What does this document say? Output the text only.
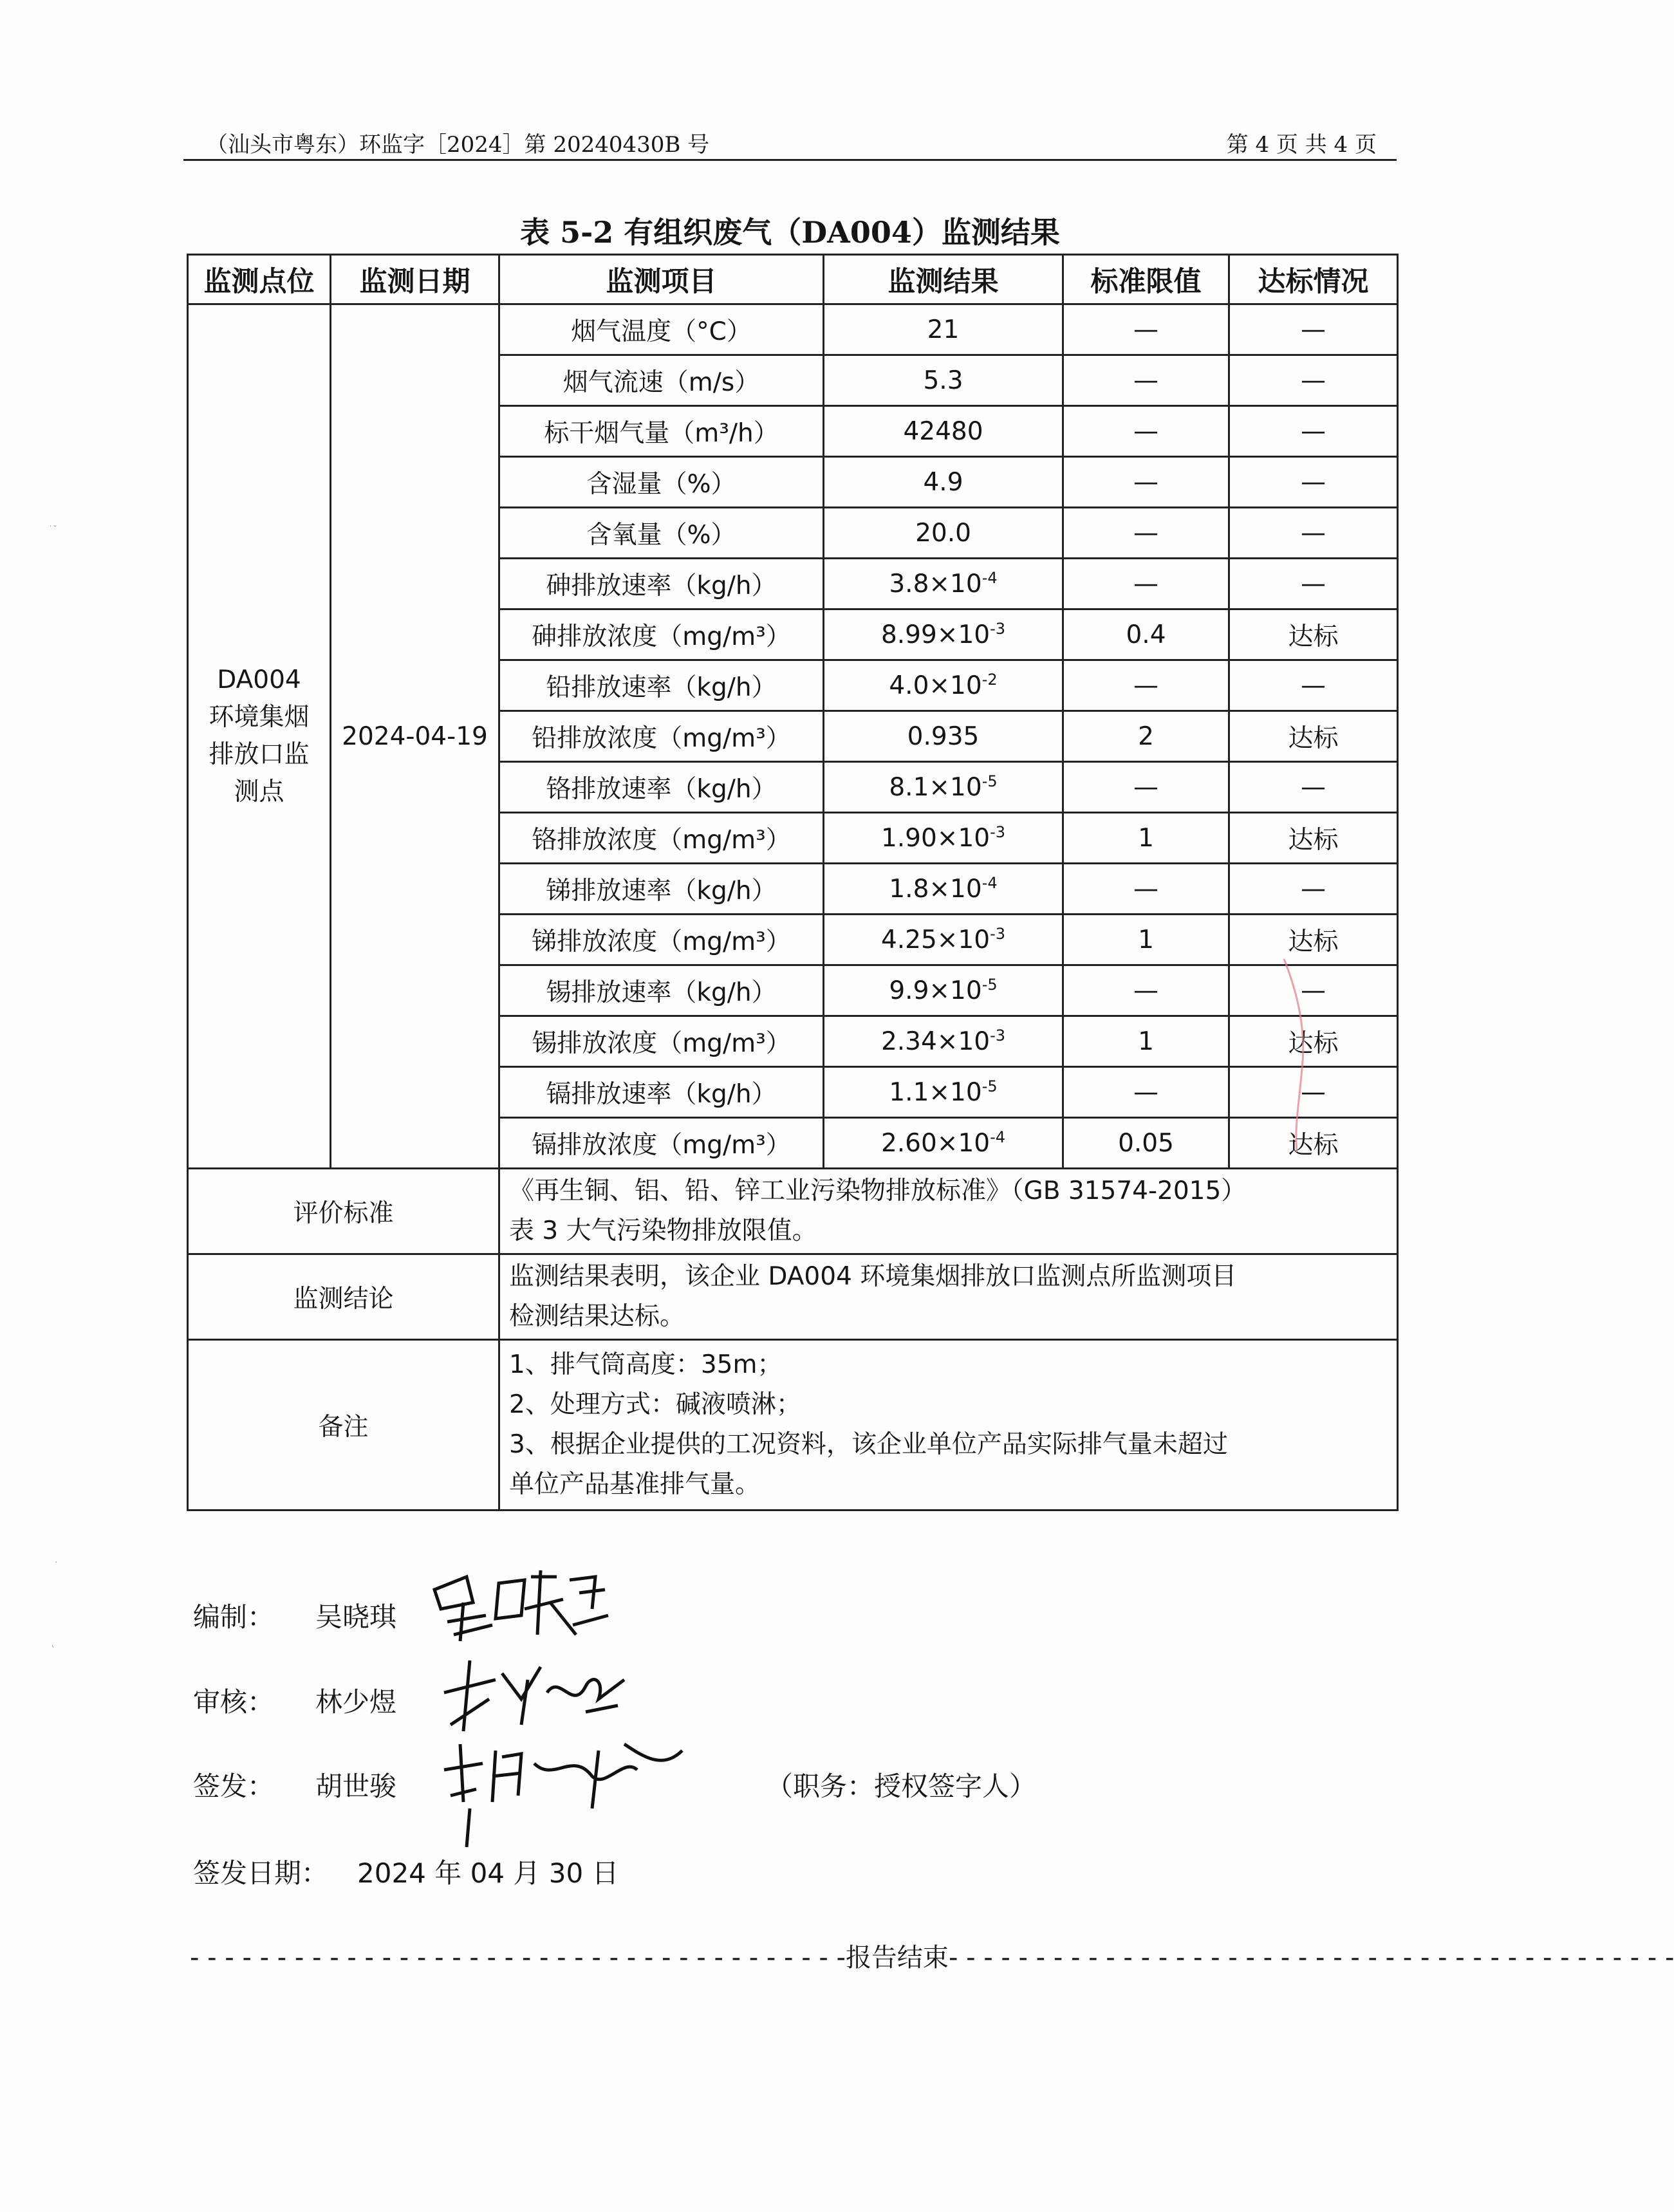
（汕头市粤东）环监字［2024］第 20240430B 号	第 4 页 共 4 页
表 5-2 有组织废气（DA004）监测结果
监测点位	监测日期	监测项目	监测结果	标准限值	达标情况

DA004
环境集烟
排放口监
测点	2024-04-19	烟气温度（°C）	21	—	—
		烟气流速（m/s）	5.3	—	—
		标干烟气量（m³/h）	42480	—	—
		含湿量（%）	4.9	—	—
		含氧量（%）	20.0	—	—
		砷排放速率（kg/h）	$3.8\times 10^{-4}$	—	—
		砷排放浓度（mg/m³）	$8.99\times 10^{-3}$	0.4	达标
		铅排放速率（kg/h）	$4.0\times 10^{-2}$	—	—
		铅排放浓度（mg/m³）	0.935	2	达标
		铬排放速率（kg/h）	$8.1\times 10^{-5}$	—	—
		铬排放浓度（mg/m³）	$1.90\times 10^{-3}$	1	达标
		锑排放速率（kg/h）	$1.8\times 10^{-4}$	—	—
		锑排放浓度（mg/m³）	$4.25\times 10^{-3}$	1	达标
		锡排放速率（kg/h）	$9.9\times 10^{-5}$	—	—
		锡排放浓度（mg/m³）	$2.34\times 10^{-3}$	1	达标
		镉排放速率（kg/h）	$1.1\times 10^{-5}$	—	—
		镉排放浓度（mg/m³）	$2.60\times 10^{-4}$	0.05	达标
评价标准		《再生铜、铝、铅、锌工业污染物排放标准》（GB 31574-2015）
表 3 大气污染物排放限值。			

监测结论		监测结果表明，该企业 DA004 环境集烟排放口监测点所监测项目
检测结果达标。			

备注		1、排气筒高度：35m；
2、处理方式：碱液喷淋；
3、根据企业提供的工况资料，该企业单位产品实际排气量未超过
单位产品基准排气量。			
编制： 吴晓琪
审核： 林少煜
签发： 胡世骏	（职务：授权签字人）
签发日期： 2024 年 04 月 30 日
- - - - - - - - - - - - - - - - - - - - - - - - - - - - - - - - - - - - - -报告结束- - - - - - - - - - - - - - - - - - - - - - - - - - - - - - - - - - - - - - - - - -
˙ˇ
·
‛
